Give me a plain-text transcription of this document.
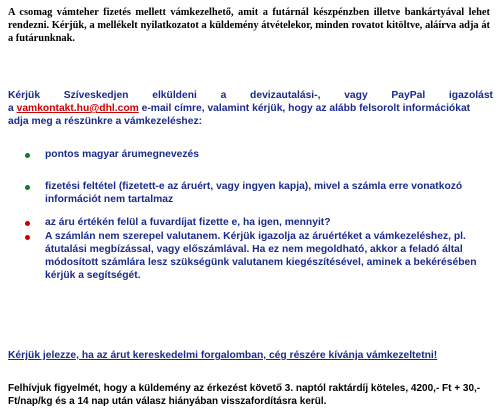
A csomag vámteher fizetés mellett vámkezelhető, amit a futárnál készpénzben illetve bankártyával lehet rendezni. Kérjük, a mellékelt nyilatkozatot a küldemény átvételekor, minden rovatot kitöltve, aláírva adja át a futárunknak.
Kérjük Szíveskedjen elküldeni a devizautalási-, vagy PayPal igazolást
a vamkontakt.hu@dhl.com e-mail címre, valamint kérjük, hogy az alább felsorolt információkat
adja meg a részünkre a vámkezeléshez:
pontos magyar árumegnevezés
fizetési feltétel (fizetett-e az áruért, vagy ingyen kapja), mivel a számla erre vonatkozó információt nem tartalmaz
az áru értékén felül a fuvardíjat fizette e, ha igen, mennyit?
A számlán nem szerepel valutanem. Kérjük igazolja az áruértéket a vámkezeléshez, pl. átutalási megbízással, vagy előszámlával. Ha ez nem megoldható, akkor a feladó által módosított számlára lesz szükségünk valutanem kiegészítésével, aminek a bekérésében kérjük a segítségét.
Kérjük jelezze, ha az árut kereskedelmi forgalomban, cég részére kívánja vámkezeltetni!
Felhívjuk figyelmét, hogy a küldemény az érkezést követő 3. naptól raktárdíj köteles, 4200,- Ft + 30,- Ft/nap/kg és a 14 nap után válasz hiányában visszafordításra kerül.
